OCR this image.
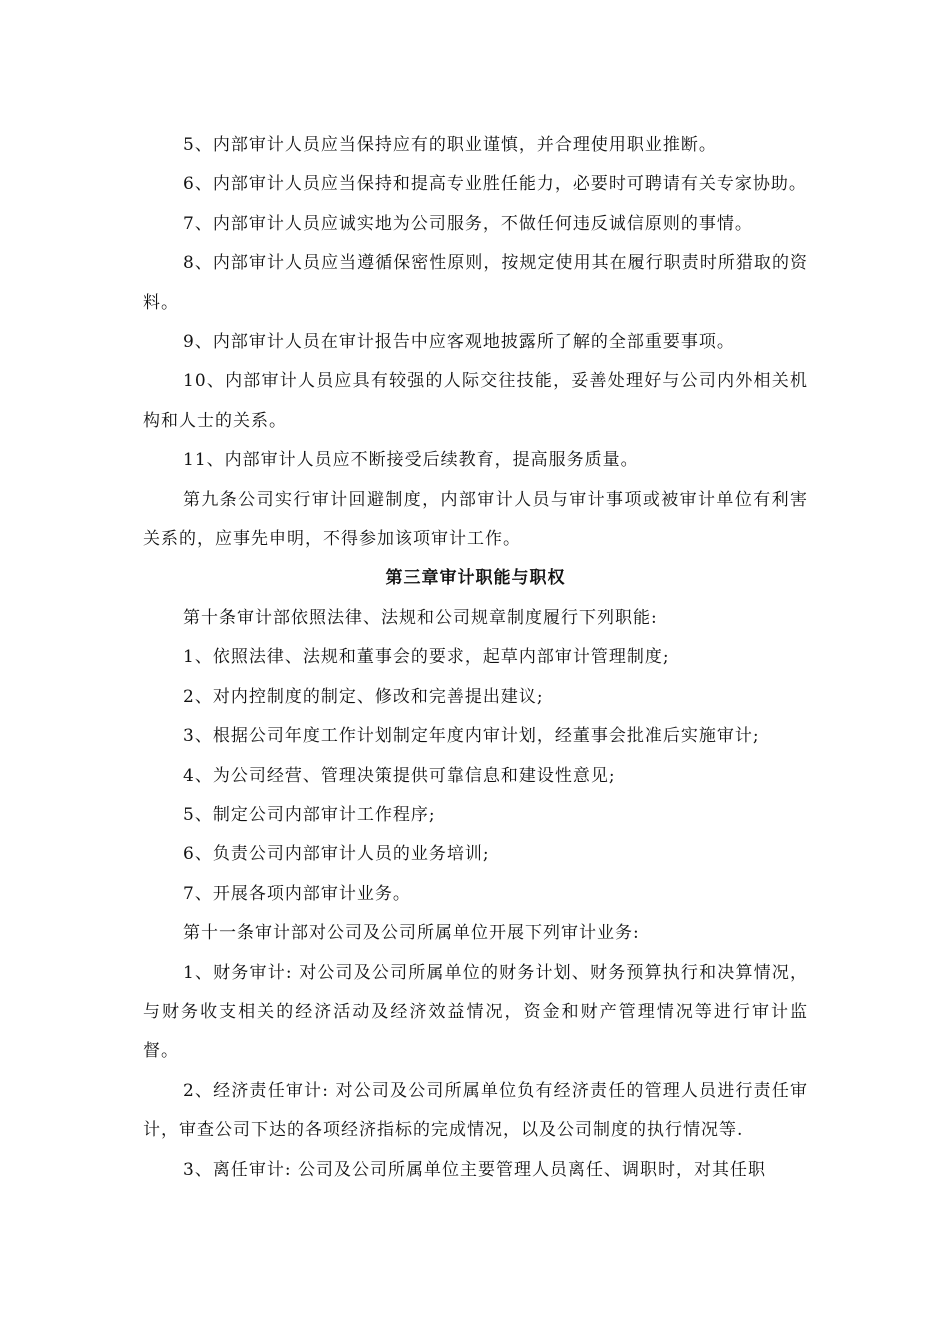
5、内部审计人员应当保持应有的职业谨慎，并合理使用职业推断。

6、内部审计人员应当保持和提高专业胜任能力，必要时可聘请有关专家协助。

7、内部审计人员应诚实地为公司服务，不做任何违反诚信原则的事情。

8、内部审计人员应当遵循保密性原则，按规定使用其在履行职责时所猎取的资料。

9、内部审计人员在审计报告中应客观地披露所了解的全部重要事项。

10、内部审计人员应具有较强的人际交往技能，妥善处理好与公司内外相关机构和人士的关系。

11、内部审计人员应不断接受后续教育，提高服务质量。

第九条公司实行审计回避制度，内部审计人员与审计事项或被审计单位有利害关系的，应事先申明，不得参加该项审计工作。

第三章审计职能与职权

第十条审计部依照法律、法规和公司规章制度履行下列职能:

1、依照法律、法规和董事会的要求，起草内部审计管理制度;

2、对内控制度的制定、修改和完善提出建议;

3、根据公司年度工作计划制定年度内审计划，经董事会批准后实施审计;

4、为公司经营、管理决策提供可靠信息和建设性意见;

5、制定公司内部审计工作程序;

6、负责公司内部审计人员的业务培训;

7、开展各项内部审计业务。

第十一条审计部对公司及公司所属单位开展下列审计业务:

1、财务审计: 对公司及公司所属单位的财务计划、财务预算执行和决算情况，与财务收支相关的经济活动及经济效益情况，资金和财产管理情况等进行审计监督。

2、经济责任审计: 对公司及公司所属单位负有经济责任的管理人员进行责任审计，审查公司下达的各项经济指标的完成情况，以及公司制度的执行情况等.

3、离任审计: 公司及公司所属单位主要管理人员离任、调职时，对其任职
